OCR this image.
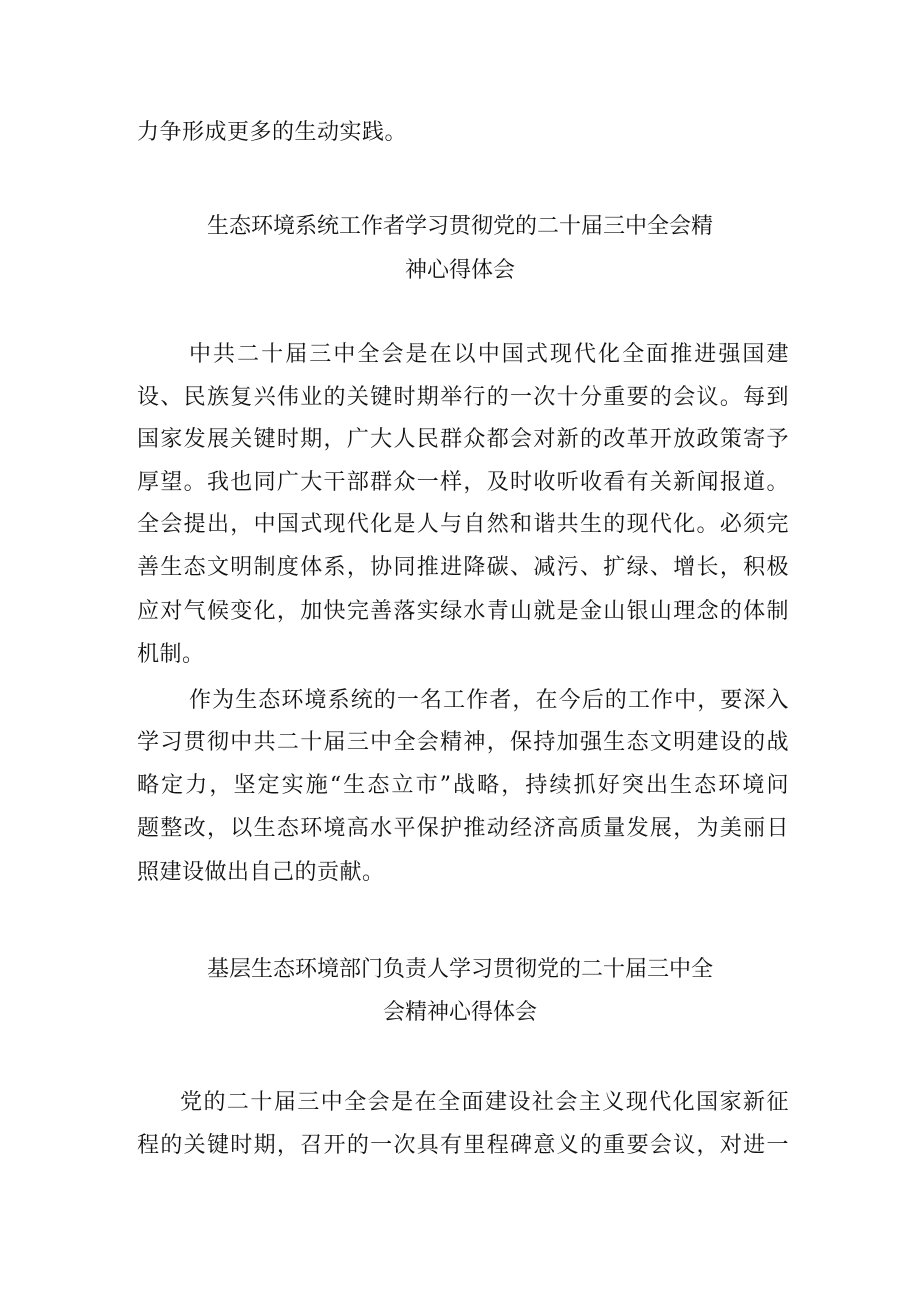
力争形成更多的生动实践。
生态环境系统工作者学习贯彻党的二十届三中全会精
神心得体会
中共二十届三中全会是在以中国式现代化全面推进强国建
设、民族复兴伟业的关键时期举行的一次十分重要的会议。每到
国家发展关键时期，广大人民群众都会对新的改革开放政策寄予
厚望。我也同广大干部群众一样，及时收听收看有关新闻报道。
全会提出，中国式现代化是人与自然和谐共生的现代化。必须完
善生态文明制度体系，协同推进降碳、减污、扩绿、增长，积极
应对气候变化，加快完善落实绿水青山就是金山银山理念的体制
机制。
作为生态环境系统的一名工作者，在今后的工作中，要深入
学习贯彻中共二十届三中全会精神，保持加强生态文明建设的战
略定力，坚定实施“生态立市”战略，持续抓好突出生态环境问
题整改，以生态环境高水平保护推动经济高质量发展，为美丽日
照建设做出自己的贡献。
基层生态环境部门负责人学习贯彻党的二十届三中全
会精神心得体会
党的二十届三中全会是在全面建设社会主义现代化国家新征
程的关键时期，召开的一次具有里程碑意义的重要会议，对进一
